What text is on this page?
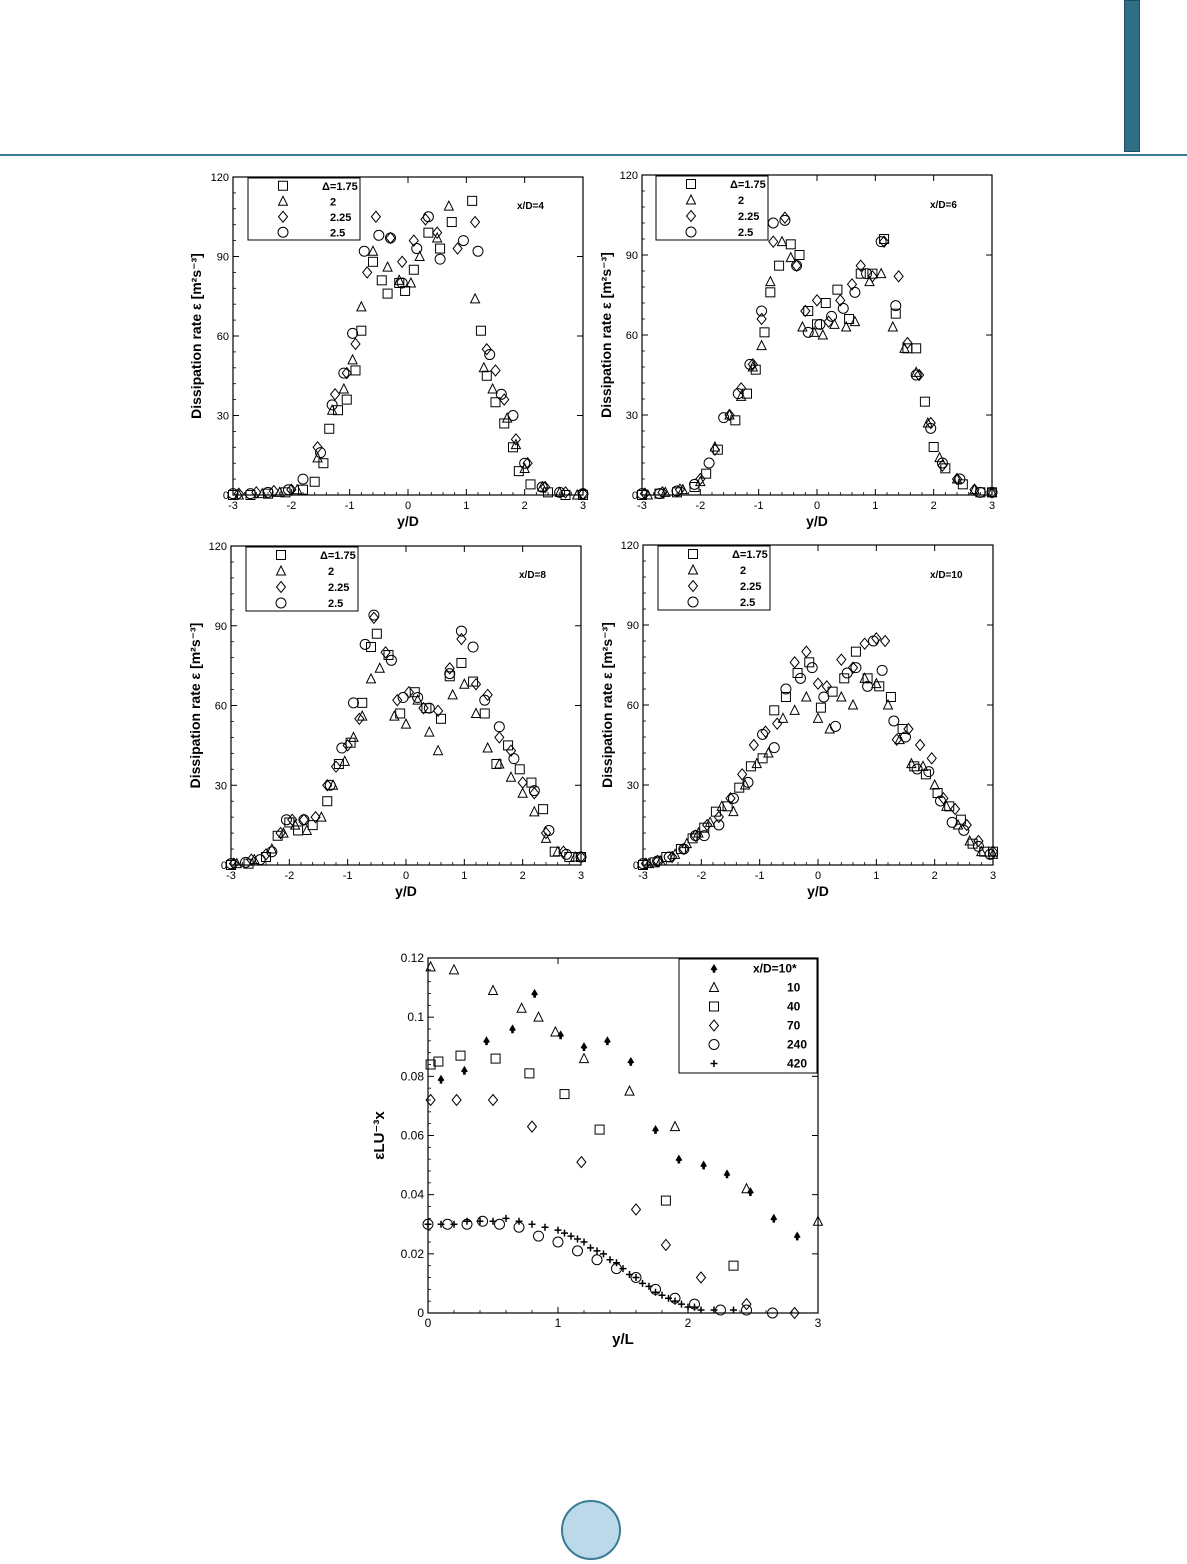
-3	-2	-1	0	1	2	3
0
30
60
90
120
y/D
Dissipation rate ε [m²s⁻³]
x/D=4
Δ=1.75
2
2.25
2.5
-3	-2	-1	0	1	2	3
0
30
60
90
120
y/D
Dissipation rate ε [m²s⁻³]
x/D=6
Δ=1.75
2
2.25
2.5
-3	-2	-1	0	1	2	3
0
30
60
90
120
y/D
Dissipation rate ε [m²s⁻³]
x/D=8
Δ=1.75
2
2.25
2.5
-3	-2	-1	0	1	2	3
0
30
60
90
120
y/D
Dissipation rate ε [m²s⁻³]
x/D=10
Δ=1.75
2
2.25
2.5
0	1	2	3
0
0.02
0.04
0.06
0.08
0.1
0.12
y/L
εLU⁻³x
x/D=10*
10
40
70
240
420
